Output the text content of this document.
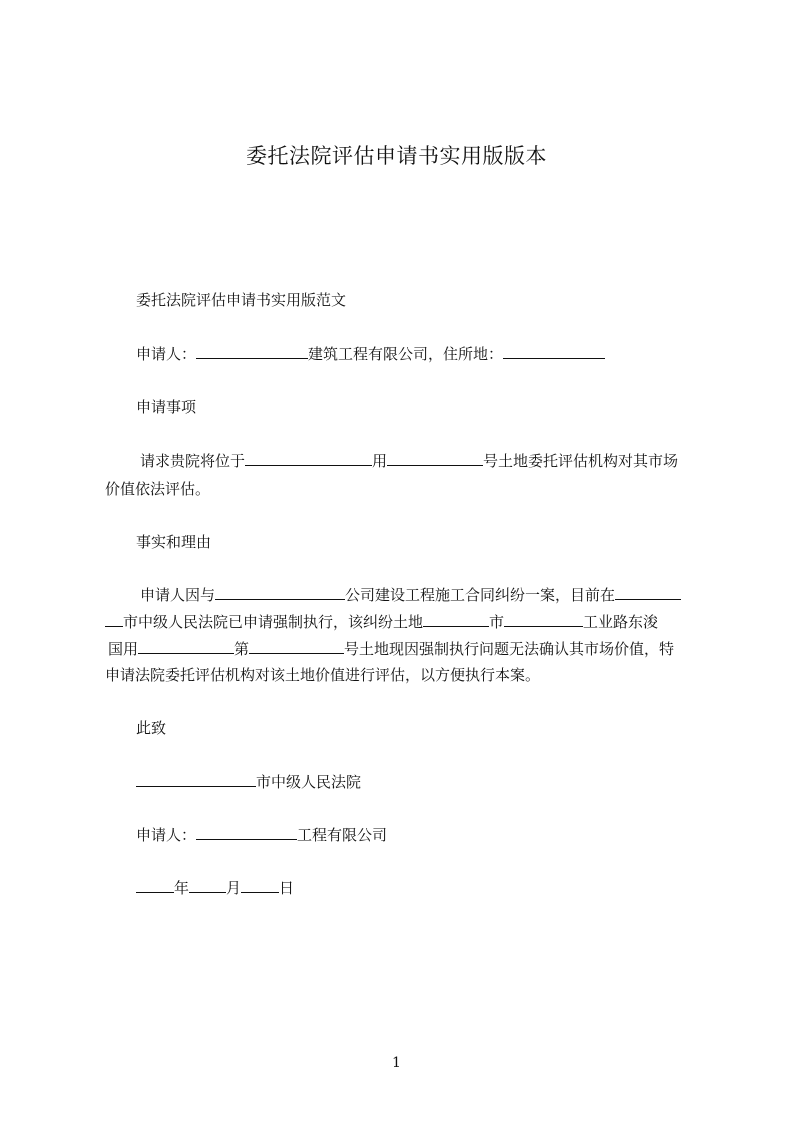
委托法院评估申请书实用版版本
委托法院评估申请书实用版范文
申请人：	建筑工程有限公司，住所地：
申请事项
请求贵院将位于	用	号土地委托评估机构对其市场
价值依法评估。
事实和理由
申请人因与	公司建设工程施工合同纠纷一案，目前在
市中级人民法院已申请强制执行，该纠纷土地	市	工业路东浚
国用	第	号土地现因强制执行问题无法确认其市场价值，特
申请法院委托评估机构对该土地价值进行评估，以方便执行本案。
此致
市中级人民法院
申请人：	工程有限公司
年 月	日
1
